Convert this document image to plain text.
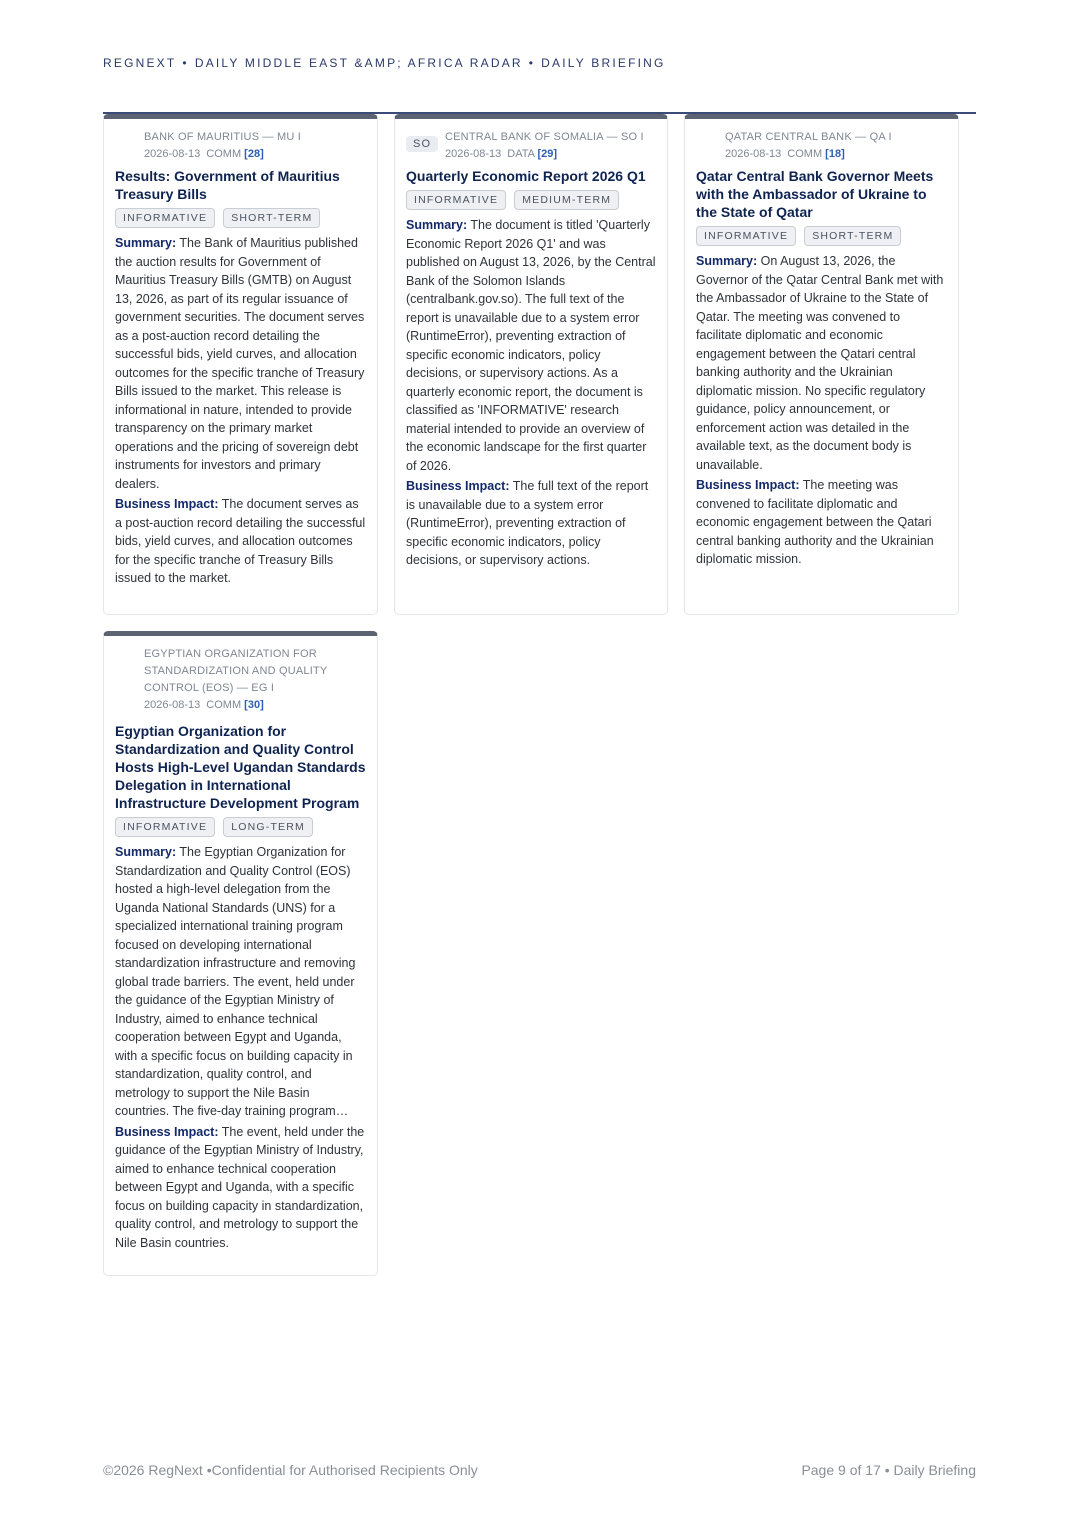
REGNEXT • DAILY MIDDLE EAST &AMP; AFRICA RADAR • DAILY BRIEFING
BANK OF MAURITIUS — MU I
2026-08-13 COMM [28]
Results: Government of Mauritius Treasury Bills
INFORMATIVE	SHORT-TERM

Summary: The Bank of Mauritius published the auction results for Government of Mauritius Treasury Bills (GMTB) on August 13, 2026, as part of its regular issuance of government securities. The document serves as a post-auction record detailing the successful bids, yield curves, and allocation outcomes for the specific tranche of Treasury Bills issued to the market. This release is informational in nature, intended to provide transparency on the primary market operations and the pricing of sovereign debt instruments for investors and primary dealers.

Business Impact: The document serves as a post-auction record detailing the successful bids, yield curves, and allocation outcomes for the specific tranche of Treasury Bills issued to the market.

SO
CENTRAL BANK OF SOMALIA — SO I
2026-08-13 DATA [29]
Quarterly Economic Report 2026 Q1
INFORMATIVE	MEDIUM-TERM

Summary: The document is titled 'Quarterly Economic Report 2026 Q1' and was published on August 13, 2026, by the Central Bank of the Solomon Islands (centralbank.gov.so). The full text of the report is unavailable due to a system error (RuntimeError), preventing extraction of specific economic indicators, policy decisions, or supervisory actions. As a quarterly economic report, the document is classified as 'INFORMATIVE' research material intended to provide an overview of the economic landscape for the first quarter of 2026.

Business Impact: The full text of the report is unavailable due to a system error (RuntimeError), preventing extraction of specific economic indicators, policy decisions, or supervisory actions.

QATAR CENTRAL BANK — QA I
2026-08-13 COMM [18]
Qatar Central Bank Governor Meets with the Ambassador of Ukraine to the State of Qatar
INFORMATIVE	SHORT-TERM

Summary: On August 13, 2026, the Governor of the Qatar Central Bank met with the Ambassador of Ukraine to the State of Qatar. The meeting was convened to facilitate diplomatic and economic engagement between the Qatari central banking authority and the Ukrainian diplomatic mission. No specific regulatory guidance, policy announcement, or enforcement action was detailed in the available text, as the document body is unavailable.

Business Impact: The meeting was convened to facilitate diplomatic and economic engagement between the Qatari central banking authority and the Ukrainian diplomatic mission.

EGYPTIAN ORGANIZATION FOR STANDARDIZATION AND QUALITY CONTROL (EOS) — EG I
2026-08-13 COMM [30]
Egyptian Organization for Standardization and Quality Control Hosts High-Level Ugandan Standards Delegation in International Infrastructure Development Program
INFORMATIVE	LONG-TERM

Summary: The Egyptian Organization for Standardization and Quality Control (EOS) hosted a high-level delegation from the Uganda National Standards (UNS) for a specialized international training program focused on developing international standardization infrastructure and removing global trade barriers. The event, held under the guidance of the Egyptian Ministry of Industry, aimed to enhance technical cooperation between Egypt and Uganda, with a specific focus on building capacity in standardization, quality control, and metrology to support the Nile Basin countries. The five-day training program…

Business Impact: The event, held under the guidance of the Egyptian Ministry of Industry, aimed to enhance technical cooperation between Egypt and Uganda, with a specific focus on building capacity in standardization, quality control, and metrology to support the Nile Basin countries.

©2026 RegNext •Confidential for Authorised Recipients Only	Page 9 of 17 • Daily Briefing
